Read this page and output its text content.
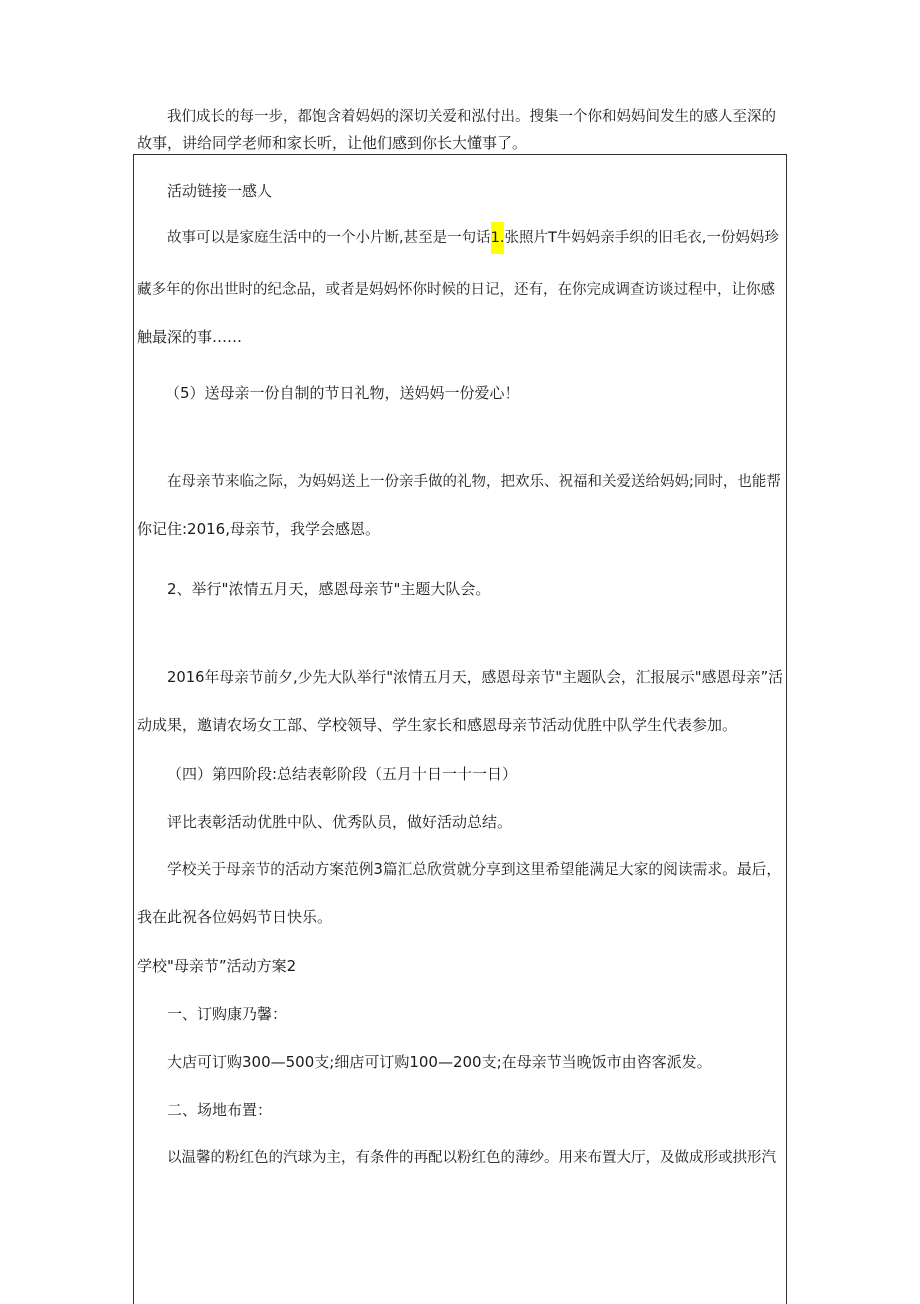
我们成长的每一步，都饱含着妈妈的深切关爱和泓付出。搜集一个你和妈妈间发生的感人至深的

故事，讲给同学老师和家长听，让他们感到你长大懂事了。

活动链接一感人

故事可以是家庭生活中的一个小片断,甚至是一句话1.张照片T牛妈妈亲手织的旧毛衣,一份妈妈珍

藏多年的你出世时的纪念品，或者是妈妈怀你时候的日记，还有，在你完成调查访谈过程中，让你感

触最深的事……

（5）送母亲一份自制的节日礼物，送妈妈一份爱心！

在母亲节来临之际，为妈妈送上一份亲手做的礼物，把欢乐、祝福和关爱送给妈妈;同时，也能帮

你记住:2016,母亲节，我学会感恩。

2、举行"浓情五月天，感恩母亲节"主题大队会。

2016年母亲节前夕,少先大队举行"浓情五月天，感恩母亲节"主题队会，汇报展示"感恩母亲”活

动成果，邀请农场女工部、学校领导、学生家长和感恩母亲节活动优胜中队学生代表参加。

（四）第四阶段:总结表彰阶段（五月十日一十一日）

评比表彰活动优胜中队、优秀队员，做好活动总结。

学校关于母亲节的活动方案范例3篇汇总欣赏就分享到这里希望能满足大家的阅读需求。最后，

我在此祝各位妈妈节日快乐。

学校"母亲节”活动方案2

一、订购康乃馨：

大店可订购300—500支;细店可订购100—200支;在母亲节当晚饭市由咨客派发。

二、场地布置：

以温馨的粉红色的汽球为主，有条件的再配以粉红色的薄纱。用来布置大厅，及做成形或拱形汽
